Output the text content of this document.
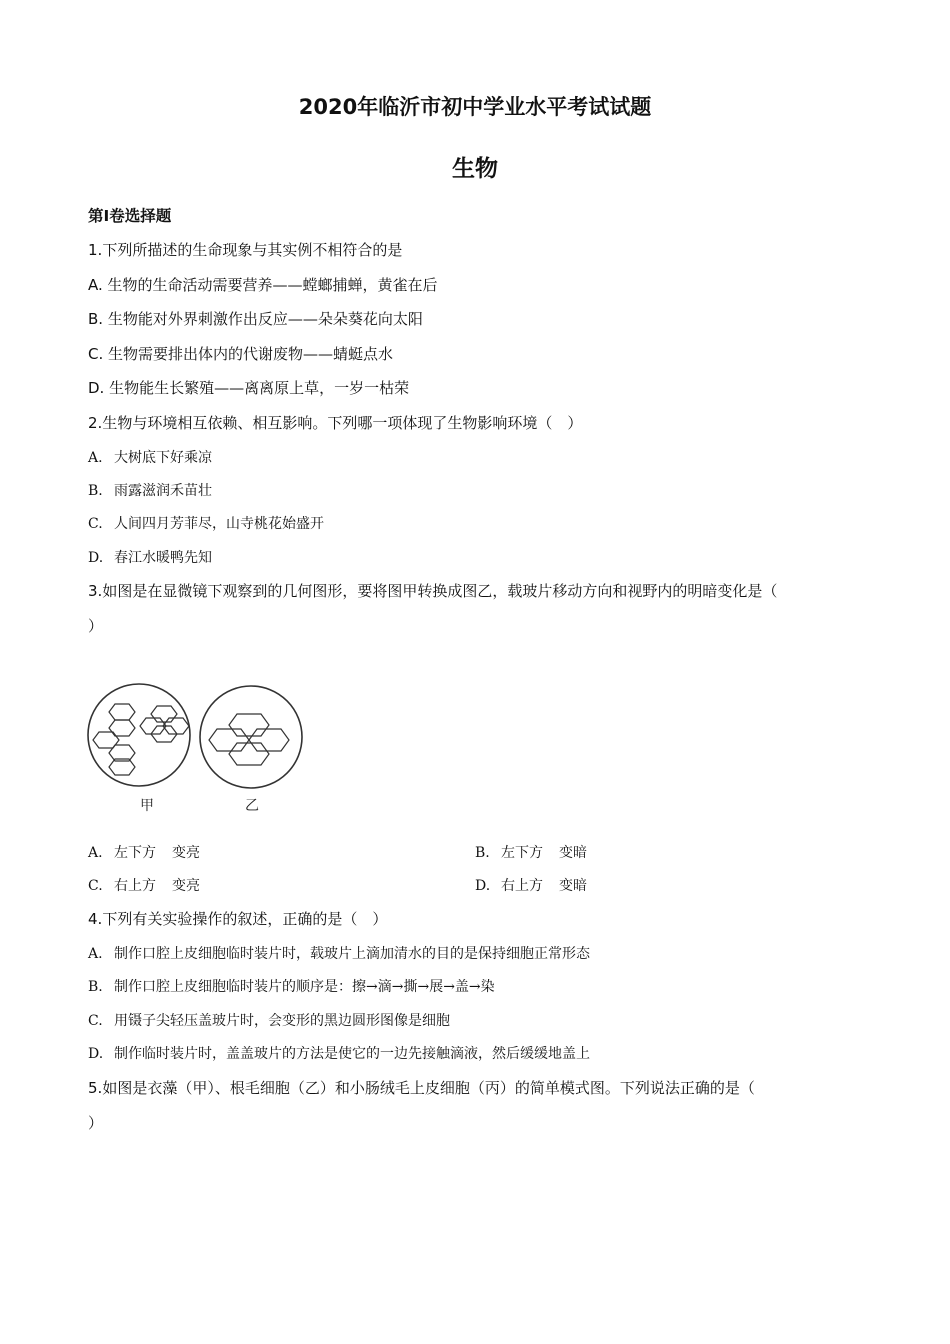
2020年临沂市初中学业水平考试试题
生物
第Ⅰ卷选择题
1.下列所描述的生命现象与其实例不相符合的是
A. 生物的生命活动需要营养——螳螂捕蝉，黄雀在后
B. 生物能对外界刺激作出反应——朵朵葵花向太阳
C. 生物需要排出体内的代谢废物——蜻蜓点水
D. 生物能生长繁殖——离离原上草，一岁一枯荣
2.生物与环境相互依赖、相互影响。下列哪一项体现了生物影响环境（　）
A. 大树底下好乘凉
B. 雨露滋润禾苗壮
C. 人间四月芳菲尽，山寺桃花始盛开
D. 春江水暖鸭先知
3.如图是在显微镜下观察到的几何图形，要将图甲转换成图乙，载玻片移动方向和视野内的明暗变化是（
）
甲	乙
A. 左下方 变亮	B. 左下方 变暗
C. 右上方 变亮	D. 右上方 变暗
4.下列有关实验操作的叙述，正确的是（　）
A. 制作口腔上皮细胞临时装片时，载玻片上滴加清水的目的是保持细胞正常形态
B. 制作口腔上皮细胞临时装片的顺序是：擦→滴→撕→展→盖→染
C. 用镊子尖轻压盖玻片时，会变形的黑边圆形图像是细胞
D. 制作临时装片时，盖盖玻片的方法是使它的一边先接触滴液，然后缓缓地盖上
5.如图是衣藻（甲）、根毛细胞（乙）和小肠绒毛上皮细胞（丙）的简单模式图。下列说法正确的是（
）
